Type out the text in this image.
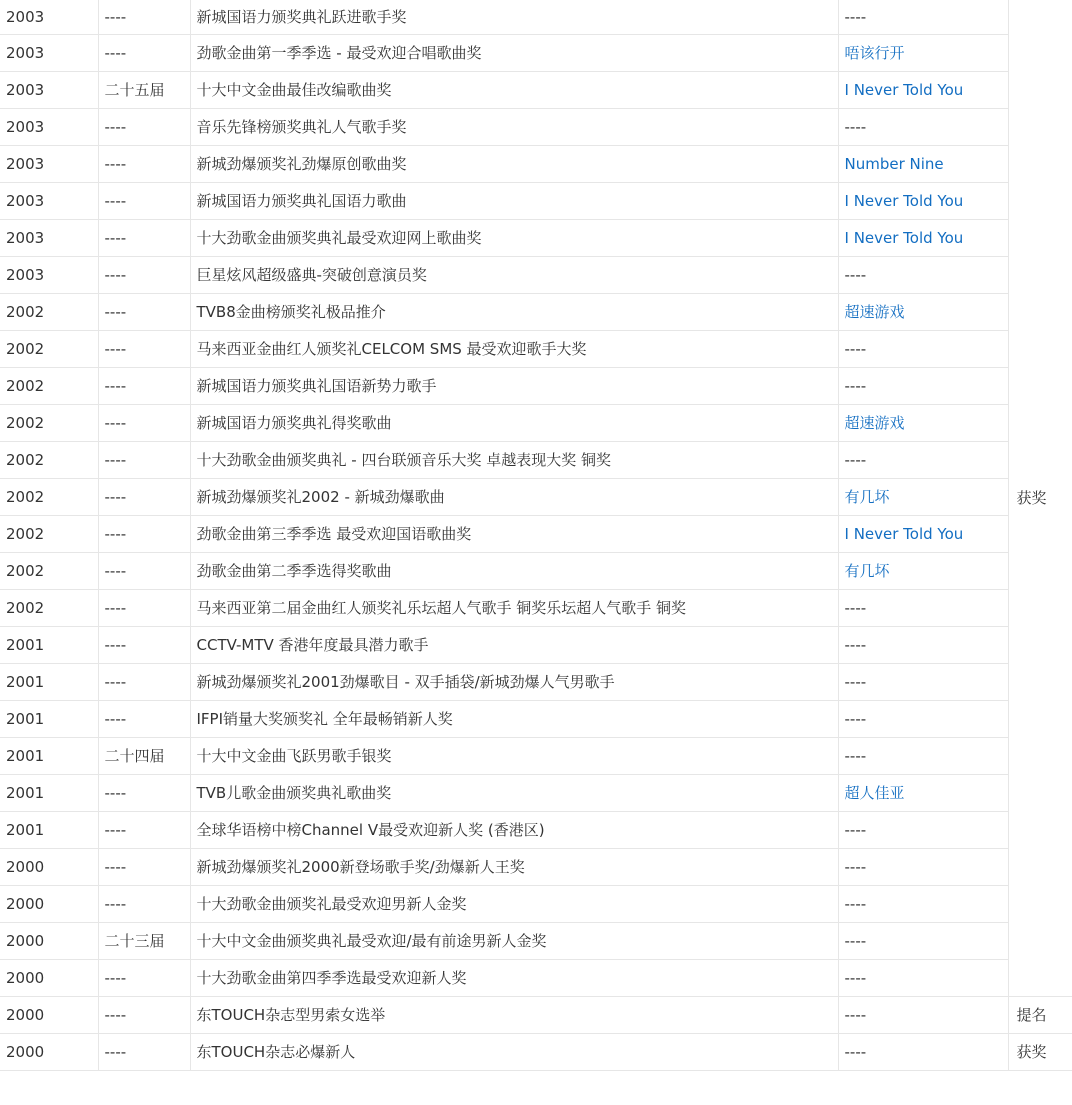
2003	----	新城国语力颁奖典礼跃进歌手奖	----	获奖
2003	----	劲歌金曲第一季季选 - 最受欢迎合唱歌曲奖	唔该行开	
2003	二十五届	十大中文金曲最佳改编歌曲奖	I Never Told You	
2003	----	音乐先锋榜颁奖典礼人气歌手奖	----	
2003	----	新城劲爆颁奖礼劲爆原创歌曲奖	Number Nine	
2003	----	新城国语力颁奖典礼国语力歌曲	I Never Told You	
2003	----	十大劲歌金曲颁奖典礼最受欢迎网上歌曲奖	I Never Told You	
2003	----	巨星炫风超级盛典-突破创意演员奖	----	
2002	----	TVB8金曲榜颁奖礼极品推介	超速游戏	
2002	----	马来西亚金曲红人颁奖礼CELCOM SMS 最受欢迎歌手大奖	----	
2002	----	新城国语力颁奖典礼国语新势力歌手	----	
2002	----	新城国语力颁奖典礼得奖歌曲	超速游戏	
2002	----	十大劲歌金曲颁奖典礼 - 四台联颁音乐大奖 卓越表现大奖 铜奖	----	
2002	----	新城劲爆颁奖礼2002 - 新城劲爆歌曲	有几坏	
2002	----	劲歌金曲第三季季选 最受欢迎国语歌曲奖	I Never Told You	
2002	----	劲歌金曲第二季季选得奖歌曲	有几坏	
2002	----	马来西亚第二届金曲红人颁奖礼乐坛超人气歌手 铜奖乐坛超人气歌手 铜奖	----	
2001	----	CCTV-MTV 香港年度最具潜力歌手	----	
2001	----	新城劲爆颁奖礼2001劲爆歌目 - 双手插袋/新城劲爆人气男歌手	----	
2001	----	IFPI销量大奖颁奖礼 全年最畅销新人奖	----	
2001	二十四届	十大中文金曲飞跃男歌手银奖	----	
2001	----	TVB儿歌金曲颁奖典礼歌曲奖	超人佳亚	
2001	----	全球华语榜中榜Channel V最受欢迎新人奖 (香港区)	----	
2000	----	新城劲爆颁奖礼2000新登场歌手奖/劲爆新人王奖	----	
2000	----	十大劲歌金曲颁奖礼最受欢迎男新人金奖	----	
2000	二十三届	十大中文金曲颁奖典礼最受欢迎/最有前途男新人金奖	----	
2000	----	十大劲歌金曲第四季季选最受欢迎新人奖	----	
2000	----	东TOUCH杂志型男索女选举	----	提名
2000	----	东TOUCH杂志必爆新人	----	获奖
